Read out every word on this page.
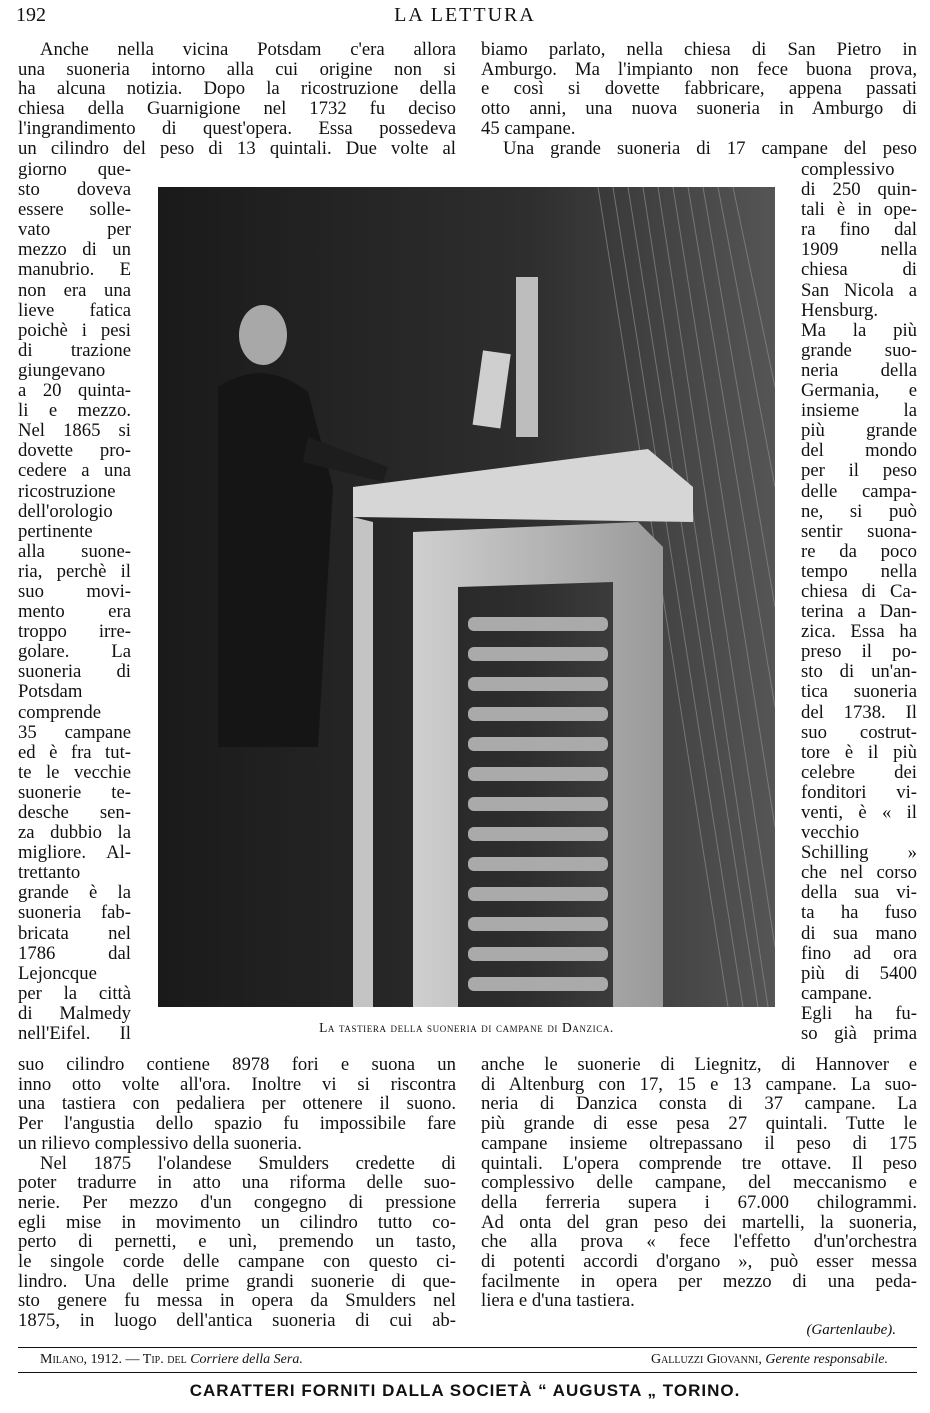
192	LA LETTURA
Anche nella vicina Potsdam c'era allora
una suoneria intorno alla cui origine non si
ha alcuna notizia. Dopo la ricostruzione della
chiesa della Guarnigione nel 1732 fu deciso
l'ingrandimento di quest'opera. Essa possedeva
un cilindro del peso di 13 quintali. Due volte al
giorno que-
sto doveva
essere solle-
vato per
mezzo di un
manubrio. E
non era una
lieve fatica
poichè i pesi
di trazione
giungevano
a 20 quinta-
li e mezzo.
Nel 1865 si
dovette pro-
cedere a una
ricostruzione
dell'orologio
pertinente
alla suone-
ria, perchè il
suo movi-
mento era
troppo irre-
golare. La
suoneria di
Potsdam
comprende
35 campane
ed è fra tut-
te le vecchie
suonerie te-
desche sen-
za dubbio la
migliore. Al-
trettanto
grande è la
suoneria fab-
bricata nel
1786 dal
Lejoncque
per la città
di Malmedy
nell'Eifel. Il
suo cilindro contiene 8978 fori e suona un
inno otto volte all'ora. Inoltre vi si riscontra
una tastiera con pedaliera per ottenere il suono.
Per l'angustia dello spazio fu impossibile fare
un rilievo complessivo della suoneria.
Nel 1875 l'olandese Smulders credette di
poter tradurre in atto una riforma delle suo-
nerie. Per mezzo d'un congegno di pressione
egli mise in movimento un cilindro tutto co-
perto di pernetti, e unì, premendo un tasto,
le singole corde delle campane con questo ci-
lindro. Una delle prime grandi suonerie di que-
sto genere fu messa in opera da Smulders nel
1875, in luogo dell'antica suoneria di cui ab-
biamo parlato, nella chiesa di San Pietro in
Amburgo. Ma l'impianto non fece buona prova,
e così si dovette fabbricare, appena passati
otto anni, una nuova suoneria in Amburgo di
45 campane.
Una grande suoneria di 17 campane del peso
complessivo
di 250 quin-
tali è in ope-
ra fino dal
1909 nella
chiesa di
San Nicola a
Hensburg.
Ma la più
grande suo-
neria della
Germania, e
insieme la
più grande
del mondo
per il peso
delle campa-
ne, si può
sentir suona-
re da poco
tempo nella
chiesa di Ca-
terina a Dan-
zica. Essa ha
preso il po-
sto di un'an-
tica suoneria
del 1738. Il
suo costrut-
tore è il più
celebre dei
fonditori vi-
venti, è « il
vecchio
Schilling »
che nel corso
della sua vi-
ta ha fuso
di sua mano
fino ad ora
più di 5400
campane.
Egli ha fu-
so già prima
anche le suonerie di Liegnitz, di Hannover e
di Altenburg con 17, 15 e 13 campane. La suo-
neria di Danzica consta di 37 campane. La
più grande di esse pesa 27 quintali. Tutte le
campane insieme oltrepassano il peso di 175
quintali. L'opera comprende tre ottave. Il peso
complessivo delle campane, del meccanismo e
della ferreria supera i 67.000 chilogrammi.
Ad onta del gran peso dei martelli, la suoneria,
che alla prova « fece l'effetto d'un'orchestra
di potenti accordi d'organo », può esser messa
facilmente in opera per mezzo di una peda-
liera e d'una tastiera.
La tastiera della suoneria di campane di Danzica.
(Gartenlaube).
Milano, 1912. — Tip. del Corriere della Sera.	Galluzzi Giovanni, Gerente responsabile.
CARATTERI FORNITI DALLA SOCIETÀ “ AUGUSTA „ TORINO.
